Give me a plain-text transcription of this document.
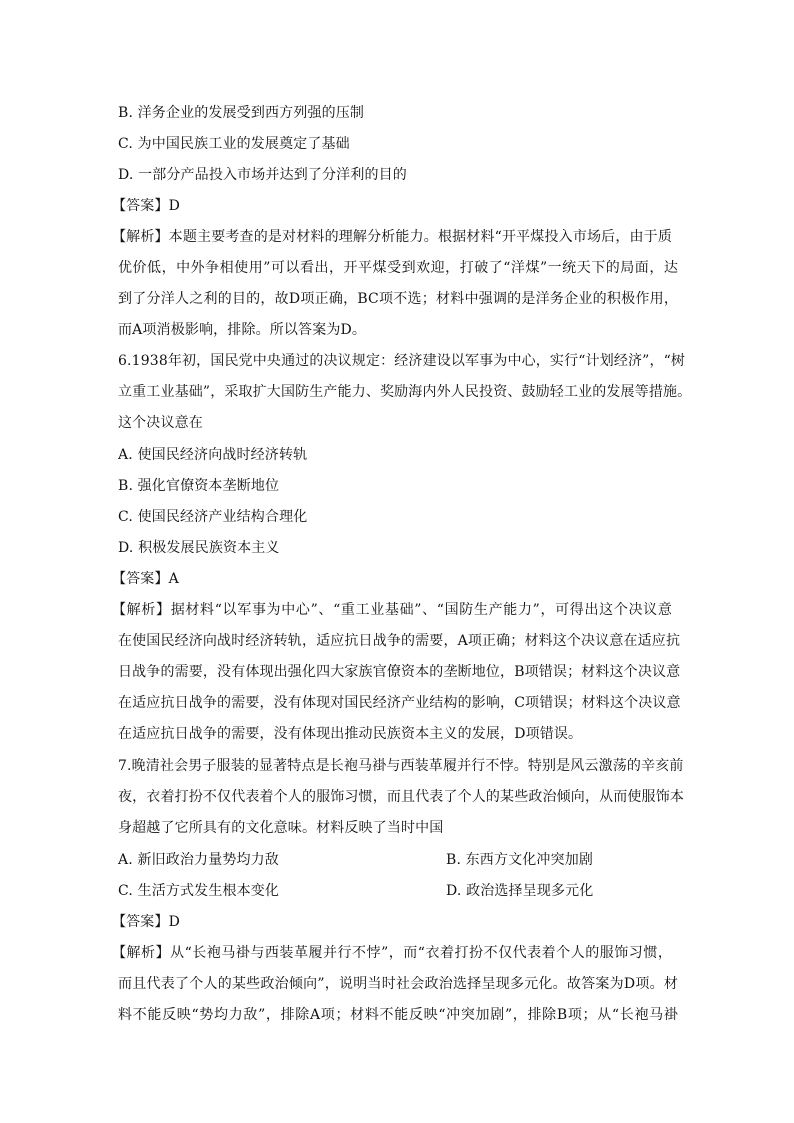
B. 洋务企业的发展受到西方列强的压制
C. 为中国民族工业的发展奠定了基础
D. 一部分产品投入市场并达到了分洋利的目的
【答案】D
【解析】本题主要考查的是对材料的理解分析能力。根据材料“开平煤投入市场后，由于质
优价低，中外争相使用”可以看出，开平煤受到欢迎，打破了“洋煤”一统天下的局面，达
到了分洋人之利的目的，故D项正确，BC项不选；材料中强调的是洋务企业的积极作用，
而A项消极影响，排除。所以答案为D。
6.1938年初，国民党中央通过的决议规定：经济建设以军事为中心，实行“计划经济”，“树
立重工业基础”，采取扩大国防生产能力、奖励海内外人民投资、鼓励轻工业的发展等措施。
这个决议意在
A. 使国民经济向战时经济转轨
B. 强化官僚资本垄断地位
C. 使国民经济产业结构合理化
D. 积极发展民族资本主义
【答案】A
【解析】据材料“以军事为中心”、“重工业基础”、“国防生产能力”，可得出这个决议意
在使国民经济向战时经济转轨，适应抗日战争的需要，A项正确；材料这个决议意在适应抗
日战争的需要，没有体现出强化四大家族官僚资本的垄断地位，B项错误；材料这个决议意
在适应抗日战争的需要，没有体现对国民经济产业结构的影响，C项错误；材料这个决议意
在适应抗日战争的需要，没有体现出推动民族资本主义的发展，D项错误。
7.晚清社会男子服装的显著特点是长袍马褂与西装革履并行不悖。特别是风云激荡的辛亥前
夜，衣着打扮不仅代表着个人的服饰习惯，而且代表了个人的某些政治倾向，从而使服饰本
身超越了它所具有的文化意味。材料反映了当时中国
A. 新旧政治力量势均力敌	B. 东西方文化冲突加剧
C. 生活方式发生根本变化	D. 政治选择呈现多元化
【答案】D
【解析】从“长袍马褂与西装革履并行不悖”，而“衣着打扮不仅代表着个人的服饰习惯，
而且代表了个人的某些政治倾向”，说明当时社会政治选择呈现多元化。故答案为D项。材
料不能反映“势均力敌”，排除A项；材料不能反映“冲突加剧”，排除B项；从“长袍马褂
